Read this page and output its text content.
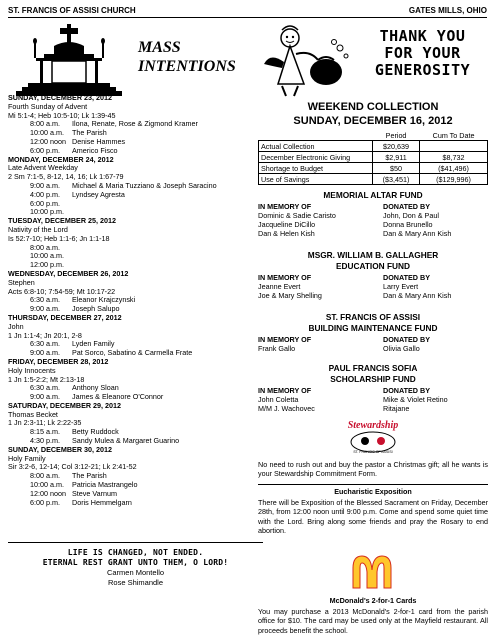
ST. FRANCIS OF ASSISI CHURCH	GATES MILLS, OHIO
MASS
INTENTIONS
SUNDAY, DECEMBER 23, 2012
Fourth Sunday of Advent
Mi 5:1-4; Heb 10:5-10; Lk 1:39-45
8:00 a.m. Ilona, Renate, Rose & Zigmond Kramer
10:00 a.m. The Parish
12:00 noon Denise Hammes
6:00 p.m. Americo Fisco
MONDAY, DECEMBER 24, 2012
Late Advent Weekday
2 Sm 7:1-5, 8-12, 14, 16; Lk 1:67-79
9:00 a.m. Michael & Maria Tuzziano & Joseph Saracino
4:00 p.m. Lyndsey Agresta
6:00 p.m.
10:00 p.m.
TUESDAY, DECEMBER 25, 2012
Nativity of the Lord
Is 52:7-10; Heb 1:1-6; Jn 1:1-18
8:00 a.m.
10:00 a.m.
12:00 p.m.
WEDNESDAY, DECEMBER 26, 2012
Stephen
Acts 6:8-10; 7:54-59; Mt 10:17-22
6:30 a.m. Eleanor Krajczynski
9:00 a.m. Joseph Salupo
THURSDAY, DECEMBER 27, 2012
John
1 Jn 1:1-4; Jn 20:1, 2-8
6:30 a.m. Lyden Family
9:00 a.m. Pat Sorco, Sabatino & Carmella Frate
FRIDAY, DECEMBER 28, 2012
Holy Innocents
1 Jn 1:5-2:2; Mt 2:13-18
6:30 a.m. Anthony Sloan
9:00 a.m. James & Eleanore O'Connor
SATURDAY, DECEMBER 29, 2012
Thomas Becket
1 Jn 2:3-11; Lk 2:22-35
8:15 a.m. Betty Ruddock
4:30 p.m. Sandy Mulea & Margaret Guarino
SUNDAY, DECEMBER 30, 2012
Holy Family
Sir 3:2-6, 12-14; Col 3:12-21; Lk 2:41-52
8:00 a.m. The Parish
10:00 a.m. Patricia Mastrangelo
12:00 noon Steve Varnum
6:00 p.m. Doris Hemmelgarn
LIFE IS CHANGED, NOT ENDED.
ETERNAL REST GRANT UNTO THEM, O LORD!
Carmen Montello
Rose Shimandle
THANK YOU
FOR YOUR
GENEROSITY
WEEKEND COLLECTION
SUNDAY, DECEMBER 16, 2012
	Period	Cum To Date
Actual Collection	$20,639	
December Electronic Giving	$2,911	$8,732
Shortage to Budget	$50	($41,496)
Use of Savings	($3,451)	($129,996)
MEMORIAL ALTAR FUND
IN MEMORY OF	DONATED BY
Dominic & Sadie Caristo	John, Don & Paul
Jacqueline DiCillo	Donna Brunello
Dan & Helen Kish	Dan & Mary Ann Kish
MSGR. WILLIAM B. GALLAGHER
EDUCATION FUND
IN MEMORY OF	DONATED BY
Jeanne Evert	Larry Evert
Joe & Mary Shelling	Dan & Mary Ann Kish
ST. FRANCIS OF ASSISI
BUILDING MAINTENANCE FUND
IN MEMORY OF	DONATED BY
Frank Gallo	Olivia Gallo
PAUL FRANCIS SOFIA
SCHOLARSHIP FUND
IN MEMORY OF	DONATED BY
John Coletta	Mike & Violet Retino
M/M J. Wachovec	Ritajane
Stewardship
ST. FRANCIS OF ASSISI
No need to rush out and buy the pastor a Christmas gift; all he wants is your Stewardship Commitment Form.
Eucharistic Exposition
There will be Exposition of the Blessed Sacrament on Friday, December 28th, from 12:00 noon until 9:00 p.m. Come and spend some quiet time with the Lord. Bring along some friends and pray the Rosary to end abortion.
McDonald's 2-for-1 Cards
You may purchase a 2013 McDonald's 2-for-1 card from the parish office for $10. The card may be used only at the Mayfield restaurant. All proceeds benefit the school.
